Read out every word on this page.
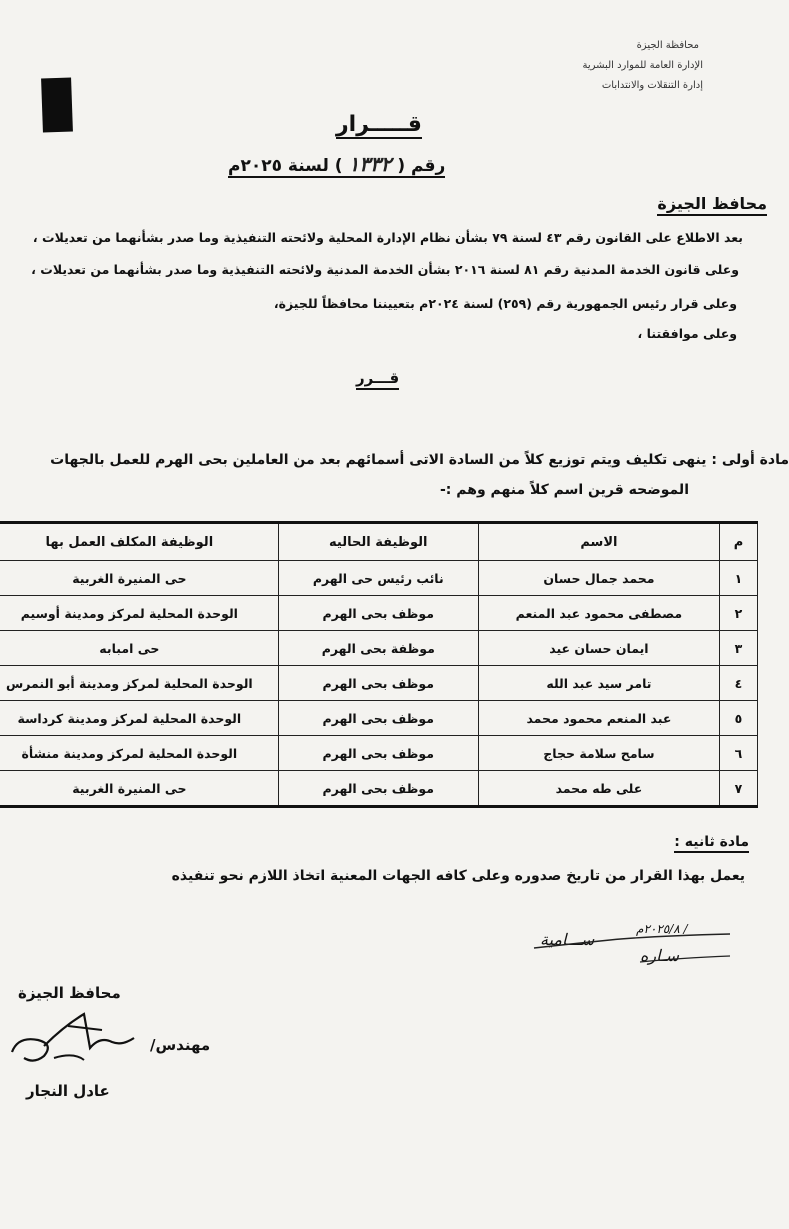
محافظة الجيزة
الإدارة العامة للموارد البشرية
إدارة التنقلات والانتدابات
قـــــرار
رقم ( ١٣٣٢ ) لسنة ٢٠٢٥م
محافظ الجيزة
بعد الاطلاع على القانون رقم ٤٣ لسنة ٧٩ بشأن نظام الإدارة المحلية ولائحته التنفيذية وما صدر بشأنهما من تعديلات ،
وعلى قانون الخدمة المدنية رقم ٨١ لسنة ٢٠١٦ بشأن الخدمة المدنية ولائحته التنفيذية وما صدر بشأنهما من تعديلات ،
وعلى قرار رئيس الجمهورية رقم (٢٥٩) لسنة ٢٠٢٤م بتعييننا محافظاً للجيزة،
وعلى موافقتنا ،
قـــرر
مادة أولى : ينهى تكليف ويتم توزيع كلاً من السادة الاتى أسمائهم بعد من العاملين بحى الهرم للعمل بالجهات
الموضحه قرين اسم كلاً منهم وهم :-
م	الاسم	الوظيفة الحاليه	الوظيفة المكلف العمل بها
١	محمد جمال حسان	نائب رئيس حى الهرم	حى المنيرة الغربية
٢	مصطفى محمود عبد المنعم	موظف بحى الهرم	الوحدة المحلية لمركز ومدينة أوسيم
٣	ايمان حسان عيد	موظفة بحى الهرم	حى امبابه
٤	تامر سيد عبد الله	موظف بحى الهرم	الوحدة المحلية لمركز ومدينة أبو النمرس
٥	عبد المنعم محمود محمد	موظف بحى الهرم	الوحدة المحلية لمركز ومدينة كرداسة
٦	سامح سلامة حجاج	موظف بحى الهرم	الوحدة المحلية لمركز ومدينة منشأة
٧	على طه محمد	موظف بحى الهرم	حى المنيرة الغربية
مادة ثانيه :
يعمل بهذا القرار من تاريخ صدوره وعلى كافه الجهات المعنية اتخاذ اللازم نحو تنفيذه
/ ٢٠٢٥/٨م
سـاره
ســـامية
محافظ الجيزة
مهندس/
عادل النجار
